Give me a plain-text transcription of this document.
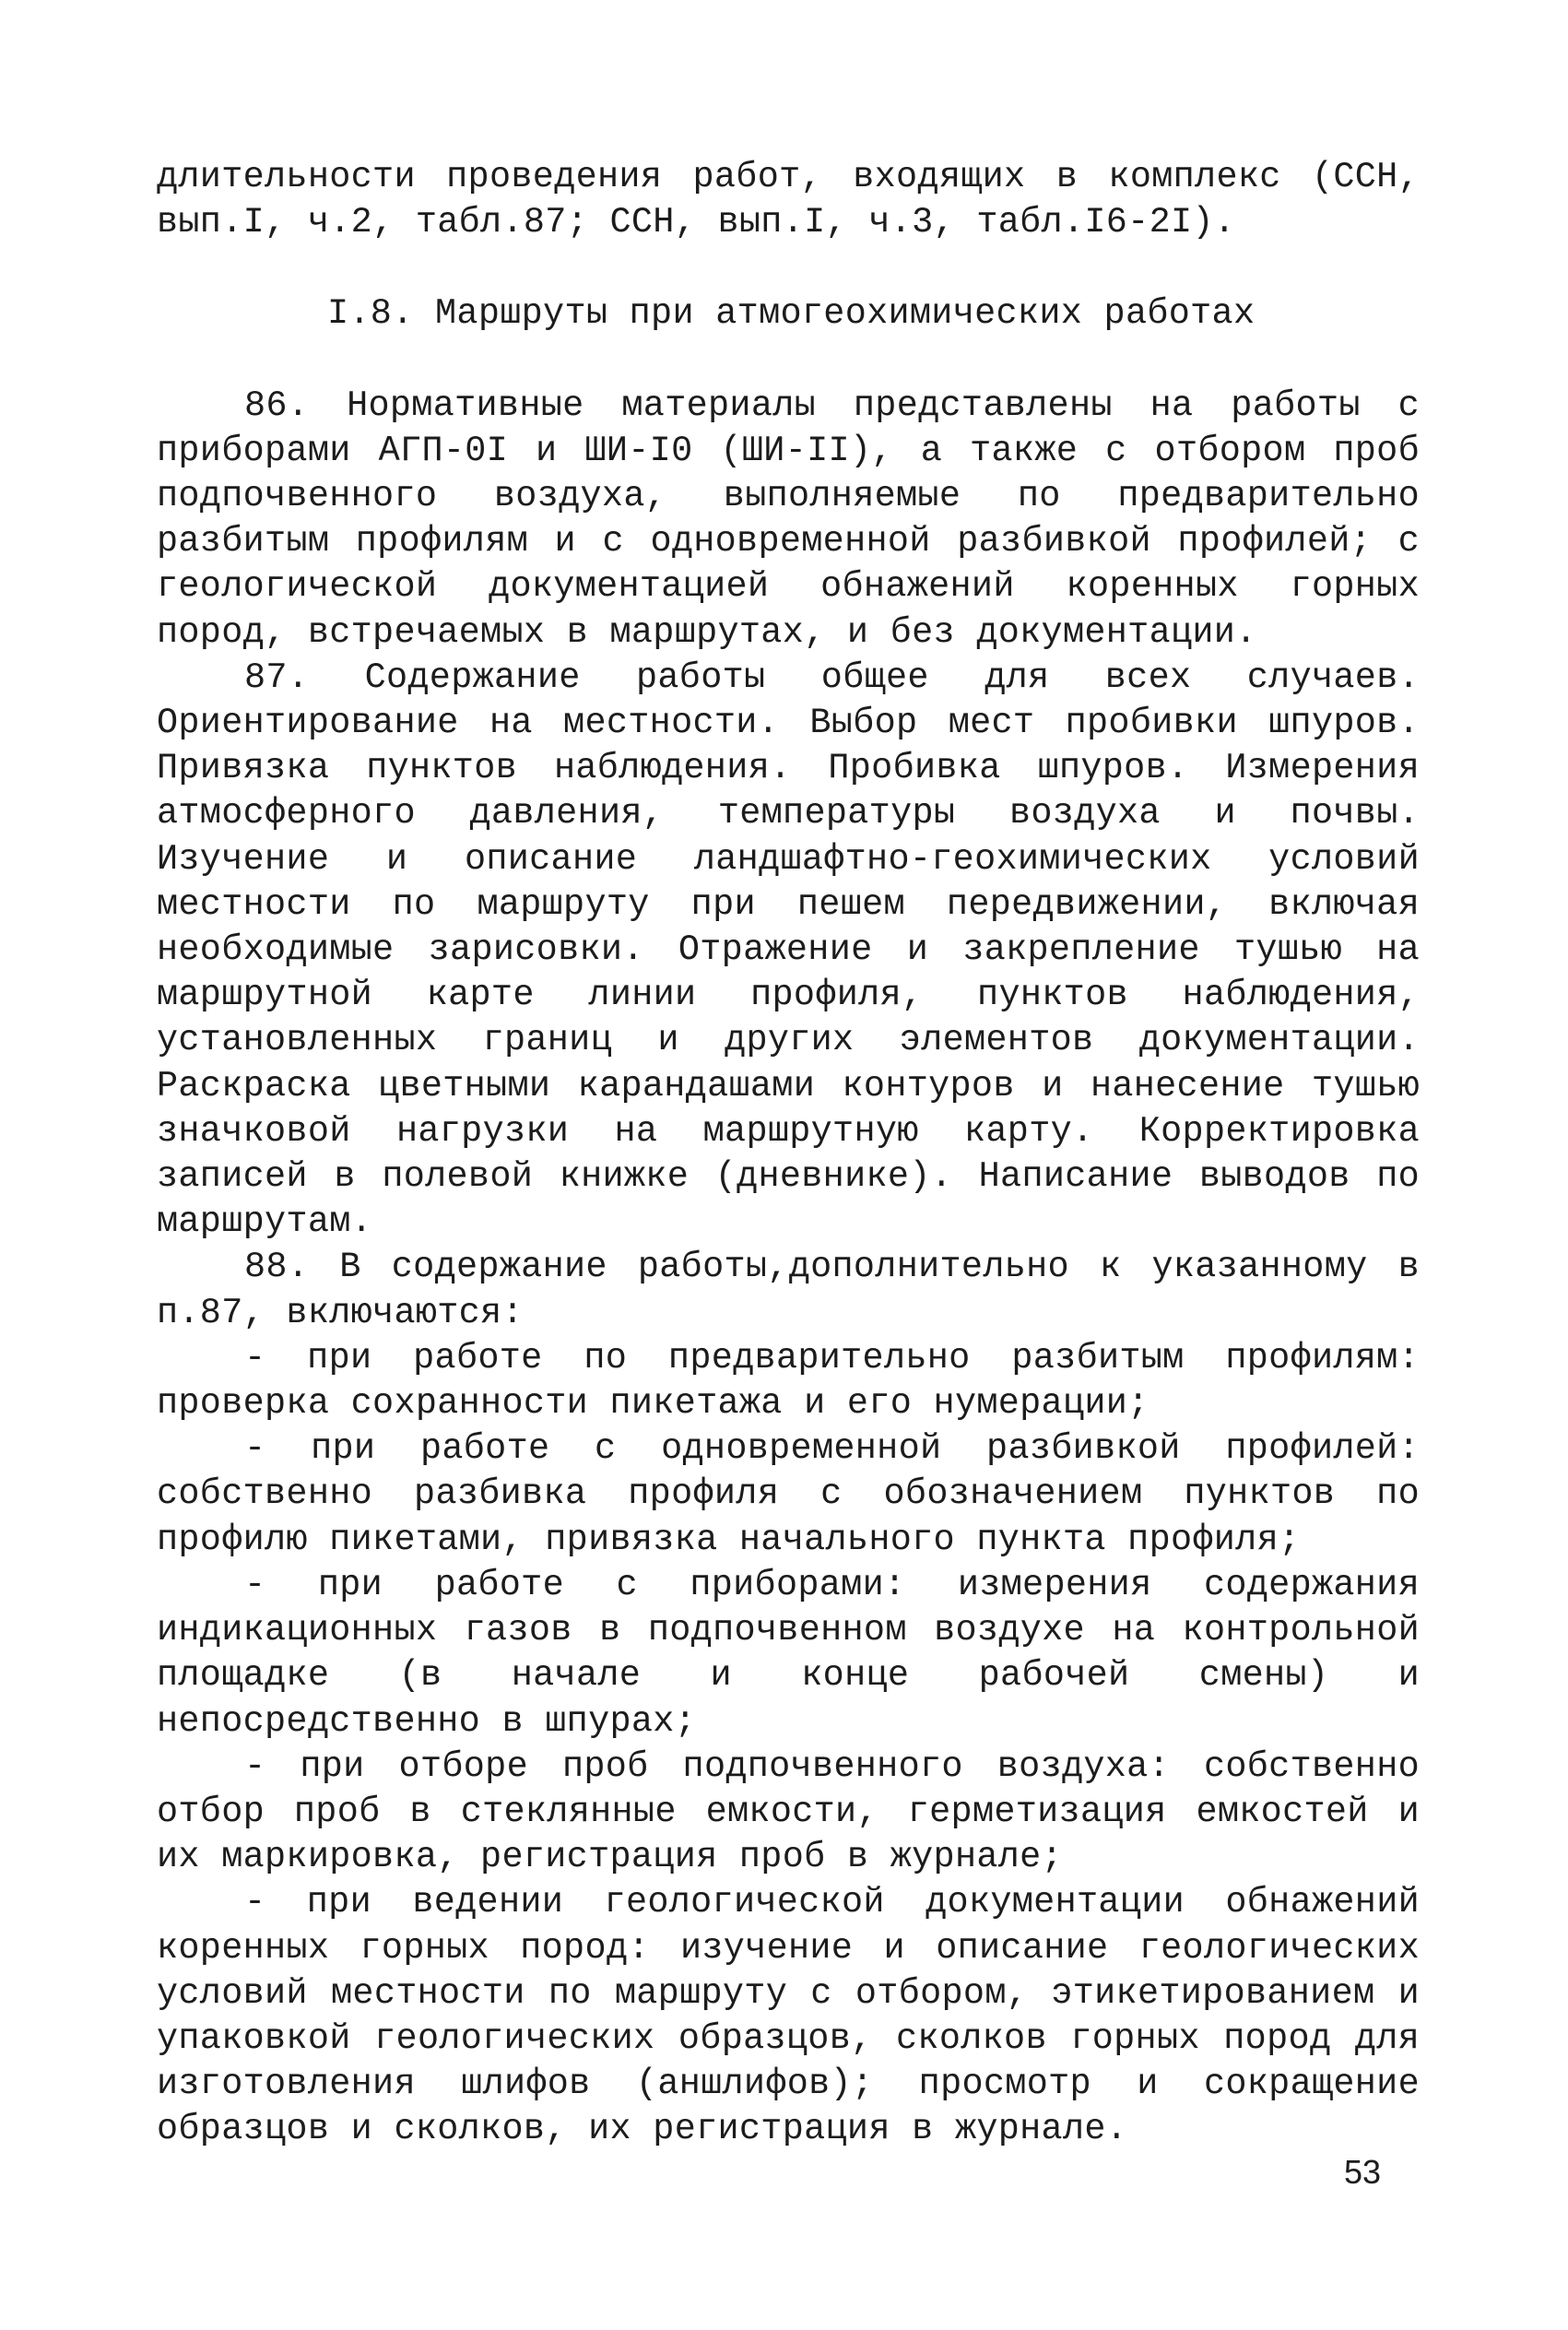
длительности проведения работ, входящих в комплекс (ССН, вып.I, ч.2, табл.87; ССН, вып.I, ч.3, табл.I6-2I).

I.8. Маршруты при атмогеохимических работах

86. Нормативные материалы представлены на работы с приборами АГП-0I и ШИ-I0 (ШИ-II), а также с отбором проб подпочвенного воздуха, выполняемые по предварительно разбитым профилям и с одновременной разбивкой профилей; с геологической документацией обнажений коренных горных пород, встречаемых в маршрутах, и без документации.

87. Содержание работы общее для всех случаев. Ориентирование на местности. Выбор мест пробивки шпуров. Привязка пунктов наблюдения. Пробивка шпуров. Измерения атмосферного давления, температуры воздуха и почвы. Изучение и описание ландшафтно-геохимических условий местности по маршруту при пешем передвижении, включая необходимые зарисовки. Отражение и закрепление тушью на маршрутной карте линии профиля, пунктов наблюдения, установленных границ и других элементов документации. Раскраска цветными карандашами контуров и нанесение тушью значковой нагрузки на маршрутную карту. Корректировка записей в полевой книжке (дневнике). Написание выводов по маршрутам.

88. В содержание работы,дополнительно к указанному в п.87, включаются:

- при работе по предварительно разбитым профилям: проверка сохранности пикетажа и его нумерации;

- при работе с одновременной разбивкой профилей: собственно разбивка профиля с обозначением пунктов по профилю пикетами, привязка начального пункта профиля;

- при работе с приборами: измерения содержания индикационных газов в подпочвенном воздухе на контрольной площадке (в начале и конце рабочей смены) и непосредственно в шпурах;

- при отборе проб подпочвенного воздуха: собственно отбор проб в стеклянные емкости, герметизация емкостей и их маркировка, регистрация проб в журнале;

- при ведении геологической документации обнажений коренных горных пород: изучение и описание геологических условий местности по маршруту с отбором, этикетированием и упаковкой геологических образцов, сколков горных пород для изготовления шлифов (аншлифов); просмотр и сокращение образцов и сколков, их регистрация в журнале.

53
